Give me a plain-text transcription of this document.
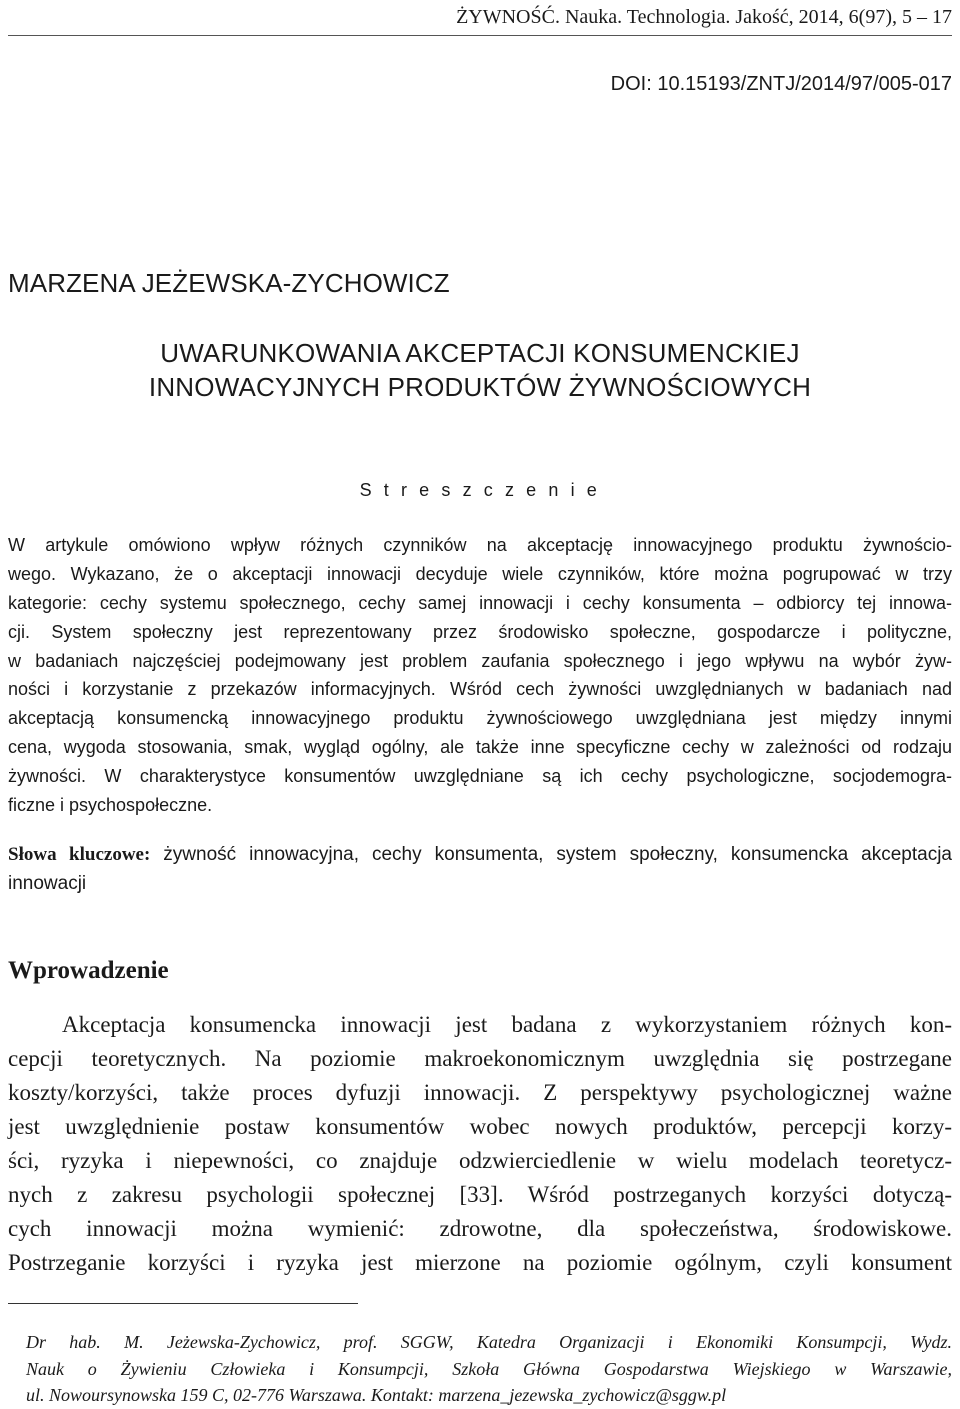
ŻYWNOŚĆ. Nauka. Technologia. Jakość, 2014, 6(97), 5 – 17
DOI: 10.15193/ZNTJ/2014/97/005-017
MARZENA JEŻEWSKA-ZYCHOWICZ
UWARUNKOWANIA AKCEPTACJI KONSUMENCKIEJ
INNOWACYJNYCH PRODUKTÓW ŻYWNOŚCIOWYCH
S t r e s z c z e n i e
W artykule omówiono wpływ różnych czynników na akceptację innowacyjnego produktu żywnościo-
wego. Wykazano, że o akceptacji innowacji decyduje wiele czynników, które można pogrupować w trzy
kategorie: cechy systemu społecznego, cechy samej innowacji i cechy konsumenta – odbiorcy tej innowa-
cji. System społeczny jest reprezentowany przez środowisko społeczne, gospodarcze i polityczne,
w badaniach najczęściej podejmowany jest problem zaufania społecznego i jego wpływu na wybór żyw-
ności i korzystanie z przekazów informacyjnych. Wśród cech żywności uwzględnianych w badaniach nad
akceptacją konsumencką innowacyjnego produktu żywnościowego uwzględniana jest między innymi
cena, wygoda stosowania, smak, wygląd ogólny, ale także inne specyficzne cechy w zależności od rodzaju
żywności. W charakterystyce konsumentów uwzględniane są ich cechy psychologiczne, socjodemogra-
ficzne i psychospołeczne.
Słowa kluczowe: żywność innowacyjna, cechy konsumenta, system społeczny, konsumencka akceptacja
innowacji
Wprowadzenie
Akceptacja konsumencka innowacji jest badana z wykorzystaniem różnych kon-
cepcji teoretycznych. Na poziomie makroekonomicznym uwzględnia się postrzegane
koszty/korzyści, także proces dyfuzji innowacji. Z perspektywy psychologicznej ważne
jest uwzględnienie postaw konsumentów wobec nowych produktów, percepcji korzy-
ści, ryzyka i niepewności, co znajduje odzwierciedlenie w wielu modelach teoretycz-
nych z zakresu psychologii społecznej [33]. Wśród postrzeganych korzyści dotyczą-
cych innowacji można wymienić: zdrowotne, dla społeczeństwa, środowiskowe.
Postrzeganie korzyści i ryzyka jest mierzone na poziomie ogólnym, czyli konsument
Dr hab. M. Jeżewska-Zychowicz, prof. SGGW, Katedra Organizacji i Ekonomiki Konsumpcji, Wydz.
Nauk o Żywieniu Człowieka i Konsumpcji, Szkoła Główna Gospodarstwa Wiejskiego w Warszawie,
ul. Nowoursynowska 159 C, 02-776 Warszawa. Kontakt: marzena_jezewska_zychowicz@sggw.pl
